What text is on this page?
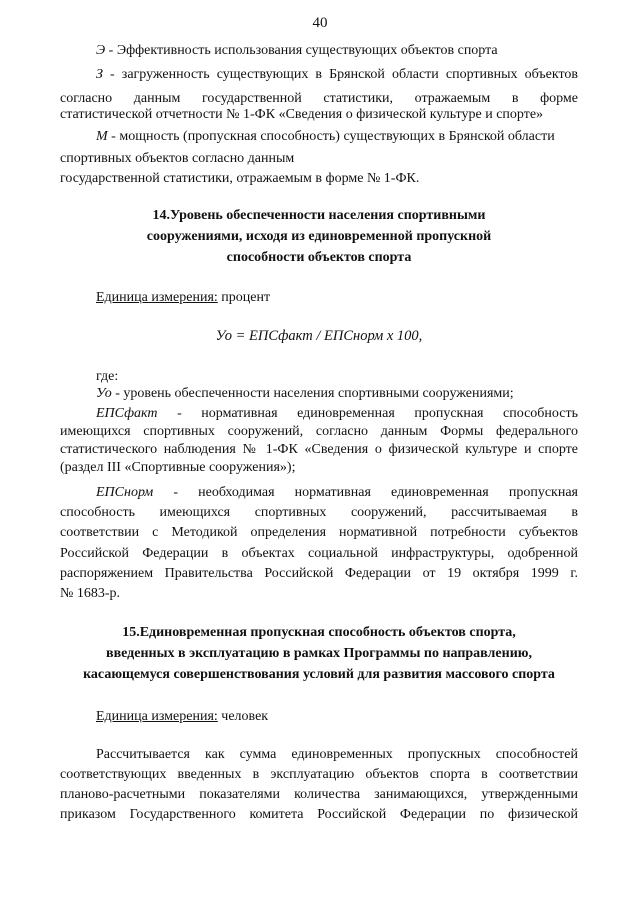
40

Э - Эффективность использования существующих объектов спорта

З - загруженность существующих в Брянской области спортивных объектов

согласно данным государственной статистики, отражаемым в форме

статистической отчетности № 1-ФК «Сведения о физической культуре и спорте»

М - мощность (пропускная способность) существующих в Брянской области

спортивных объектов согласно данным

государственной статистики, отражаемым в форме № 1-ФК.

14.Уровень обеспеченности населения спортивными
сооружениями, исходя из единовременной пропускной
способности объектов спорта

Единица измерения: процент

Уо = ЕПСфакт / ЕПСнорм x 100,

где:

Уо - уровень обеспеченности населения спортивными сооружениями;

ЕПСфакт - нормативная единовременная пропускная способность

имеющихся спортивных сооружений, согласно данным Формы федерального

статистического наблюдения № 1-ФК «Сведения о физической культуре и спорте

(раздел III «Спортивные сооружения»);

ЕПСнорм - необходимая нормативная единовременная пропускная

способность имеющихся спортивных сооружений, рассчитываемая в

соответствии с Методикой определения нормативной потребности субъектов

Российской Федерации в объектах социальной инфраструктуры, одобренной

распоряжением Правительства Российской Федерации от 19 октября 1999 г.

№ 1683-р.

15.Единовременная пропускная способность объектов спорта,
введенных в эксплуатацию в рамках Программы по направлению,
касающемуся совершенствования условий для развития массового спорта

Единица измерения: человек

Рассчитывается как сумма единовременных пропускных способностей

соответствующих введенных в эксплуатацию объектов спорта в соответствии

планово-расчетными показателями количества занимающихся, утвержденными

приказом Государственного комитета Российской Федерации по физической
